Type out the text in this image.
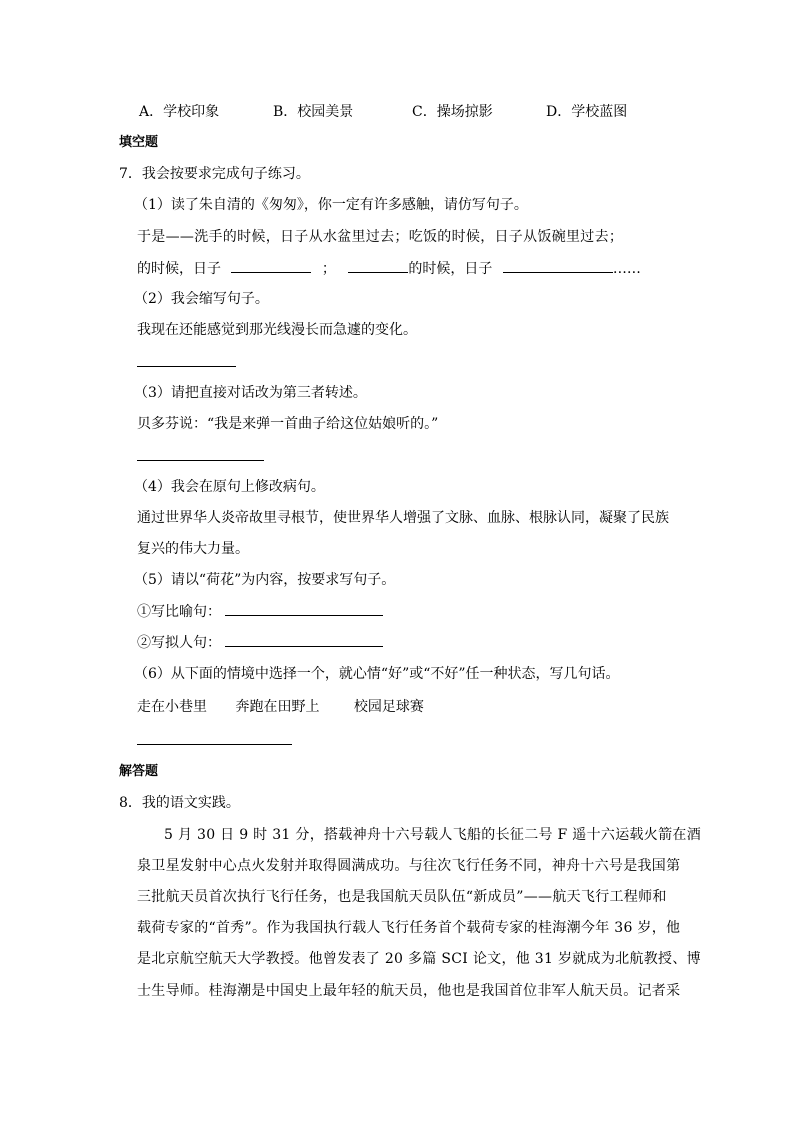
A．学校印象	B．校园美景	C．操场掠影	D．学校蓝图
填空题
7．我会按要求完成句子练习。
（1）读了朱自清的《匆匆》，你一定有许多感触，请仿写句子。
于是——洗手的时候，日子从水盆里过去；吃饭的时候，日子从饭碗里过去；
的时候，日子	；	的时候，日子	……
（2）我会缩写句子。
我现在还能感觉到那光线漫长而急遽的变化。
（3）请把直接对话改为第三者转述。
贝多芬说：“我是来弹一首曲子给这位姑娘听的。”
（4）我会在原句上修改病句。
通过世界华人炎帝故里寻根节，使世界华人增强了文脉、血脉、根脉认同，凝聚了民族
复兴的伟大力量。
（5）请以“荷花”为内容，按要求写句子。
①写比喻句：
②写拟人句：
（6）从下面的情境中选择一个，就心情“好”或“不好”任一种状态，写几句话。
走在小巷里 奔跑在田野上 校园足球赛
解答题
8．我的语文实践。
5 月 30 日 9 时 31 分，搭载神舟十六号载人飞船的长征二号 F 遥十六运载火箭在酒
泉卫星发射中心点火发射并取得圆满成功。与往次飞行任务不同，神舟十六号是我国第
三批航天员首次执行飞行任务，也是我国航天员队伍“新成员”——航天飞行工程师和
载荷专家的“首秀”。作为我国执行载人飞行任务首个载荷专家的桂海潮今年 36 岁，他
是北京航空航天大学教授。他曾发表了 20 多篇 SCI 论文，他 31 岁就成为北航教授、博
士生导师。桂海潮是中国史上最年轻的航天员，他也是我国首位非军人航天员。记者采
